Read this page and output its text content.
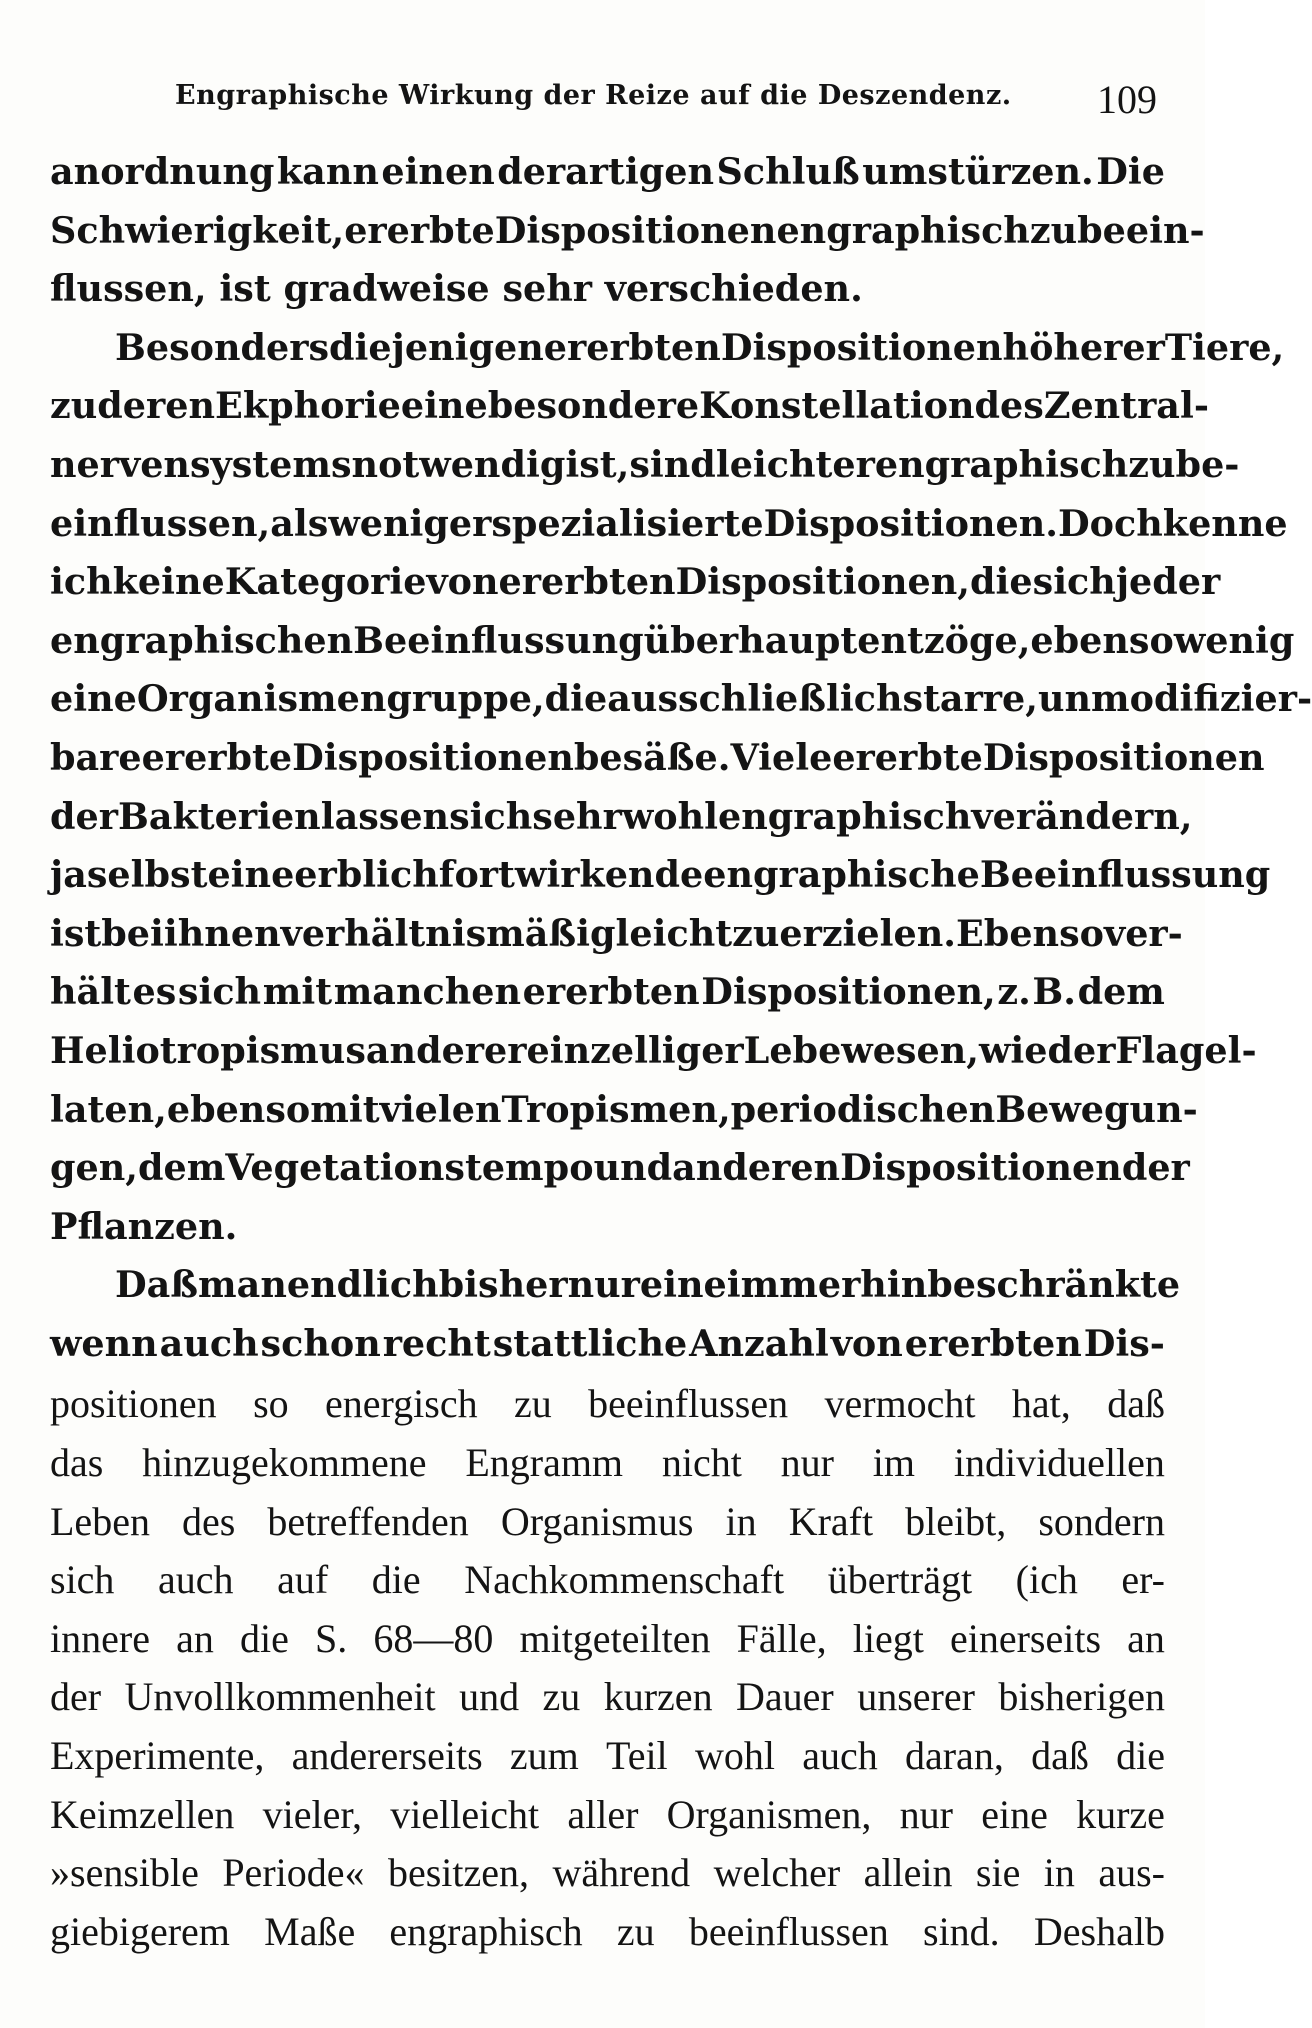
Engraphische Wirkung der Reize auf die Deszendenz. 109
anordnung kann einen derartigen Schluß umstürzen. Die
Schwierigkeit, ererbte Dispositionen engraphisch zu beein-
flussen, ist gradweise sehr verschieden.
Besonders diejenigen ererbten Dispositionen höherer Tiere,
zu deren Ekphorie eine besondere Konstellation des Zentral-
nervensystems notwendig ist, sind leichter engraphisch zu be-
einflussen, als weniger spezialisierte Dispositionen. Doch kenne
ich keine Kategorie von ererbten Dispositionen, die sich jeder
engraphischen Beeinflussung überhaupt entzöge, ebensowenig
eine Organismengruppe, die ausschließlich starre, unmodifizier-
bare ererbte Dispositionen besäße. Viele ererbte Dispositionen
der Bakterien lassen sich sehr wohl engraphisch verändern,
ja selbst eine erblich fortwirkende engraphische Beeinflussung
ist bei ihnen verhältnismäßig leicht zu erzielen. Ebenso ver-
hält es sich mit manchen ererbten Dispositionen, z. B. dem
Heliotropismus anderer einzelliger Lebewesen, wie der Flagel-
laten, ebenso mit vielen Tropismen, periodischen Bewegun-
gen, dem Vegetationstempo und anderen Dispositionen der
Pflanzen.
Daß man endlich bisher nur eine immerhin beschränkte
wenn auch schon recht stattliche Anzahl von ererbten Dis-
positionen so energisch zu beeinflussen vermocht hat, daß
das hinzugekommene Engramm nicht nur im individuellen
Leben des betreffenden Organismus in Kraft bleibt, sondern
sich auch auf die Nachkommenschaft überträgt (ich er-
innere an die S. 68—80 mitgeteilten Fälle, liegt einerseits an
der Unvollkommenheit und zu kurzen Dauer unserer bisherigen
Experimente, andererseits zum Teil wohl auch daran, daß die
Keimzellen vieler, vielleicht aller Organismen, nur eine kurze
»sensible Periode« besitzen, während welcher allein sie in aus-
giebigerem Maße engraphisch zu beeinflussen sind. Deshalb
